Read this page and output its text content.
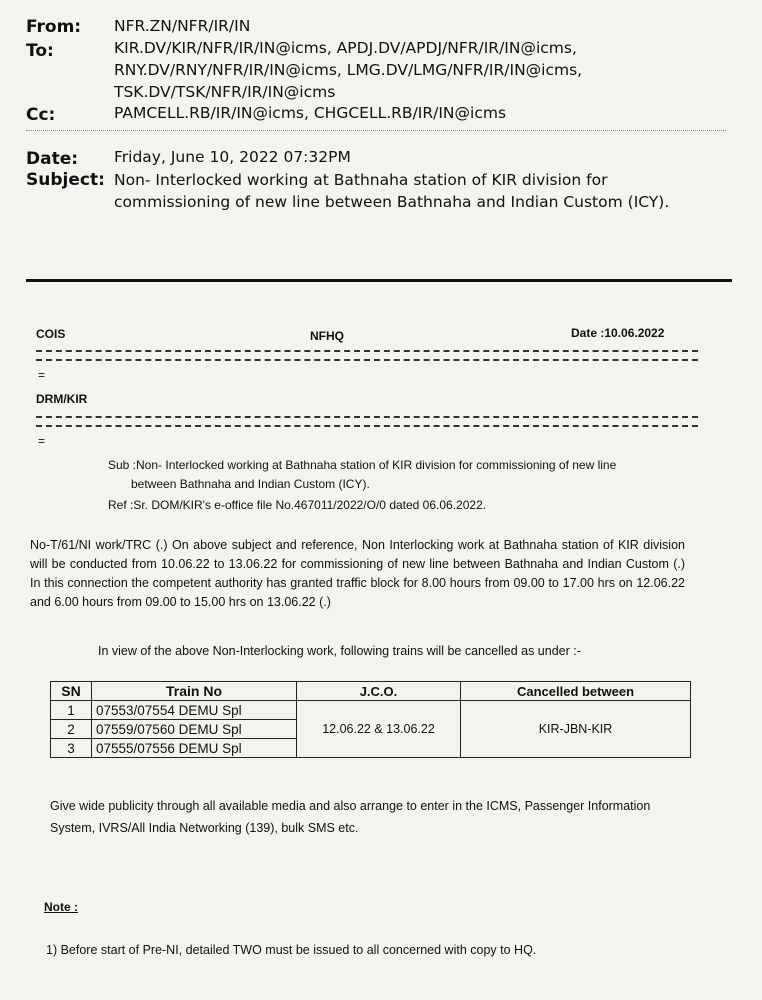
From: NFR.ZN/NFR/IR/IN
To:	KIR.DV/KIR/NFR/IR/IN@icms, APDJ.DV/APDJ/NFR/IR/IN@icms,
RNY.DV/RNY/NFR/IR/IN@icms, LMG.DV/LMG/NFR/IR/IN@icms,
TSK.DV/TSK/NFR/IR/IN@icms
Cc:	PAMCELL.RB/IR/IN@icms, CHGCELL.RB/IR/IN@icms
Date: Friday, June 10, 2022 07:32PM
Subject: Non- Interlocked working at Bathnaha station of KIR division for commissioning of new line between Bathnaha and Indian Custom (ICY).
COIS	NFHQ	Date :10.06.2022
=
DRM/KIR
=
Sub :Non- Interlocked working at Bathnaha station of KIR division for commissioning of new line
between Bathnaha and Indian Custom (ICY).
Ref :Sr. DOM/KIR's e-office file No.467011/2022/O/0 dated 06.06.2022.
No-T/61/NI work/TRC (.) On above subject and reference, Non Interlocking work at Bathnaha station of KIR division will be conducted from 10.06.22 to 13.06.22 for commissioning of new line between Bathnaha and Indian Custom (.) In this connection the competent authority has granted traffic block for 8.00 hours from 09.00 to 17.00 hrs on 12.06.22 and 6.00 hours from 09.00 to 15.00 hrs on 13.06.22 (.)
In view of the above Non-Interlocking work, following trains will be cancelled as under :-
SN	Train No	J.C.O.	Cancelled between
1	07553/07554 DEMU Spl	12.06.22 & 13.06.22	KIR-JBN-KIR
2	07559/07560 DEMU Spl		
3	07555/07556 DEMU Spl		
Give wide publicity through all available media and also arrange to enter in the ICMS, Passenger Information System, IVRS/All India Networking (139), bulk SMS etc.
Note :
1) Before start of Pre-NI, detailed TWO must be issued to all concerned with copy to HQ.
